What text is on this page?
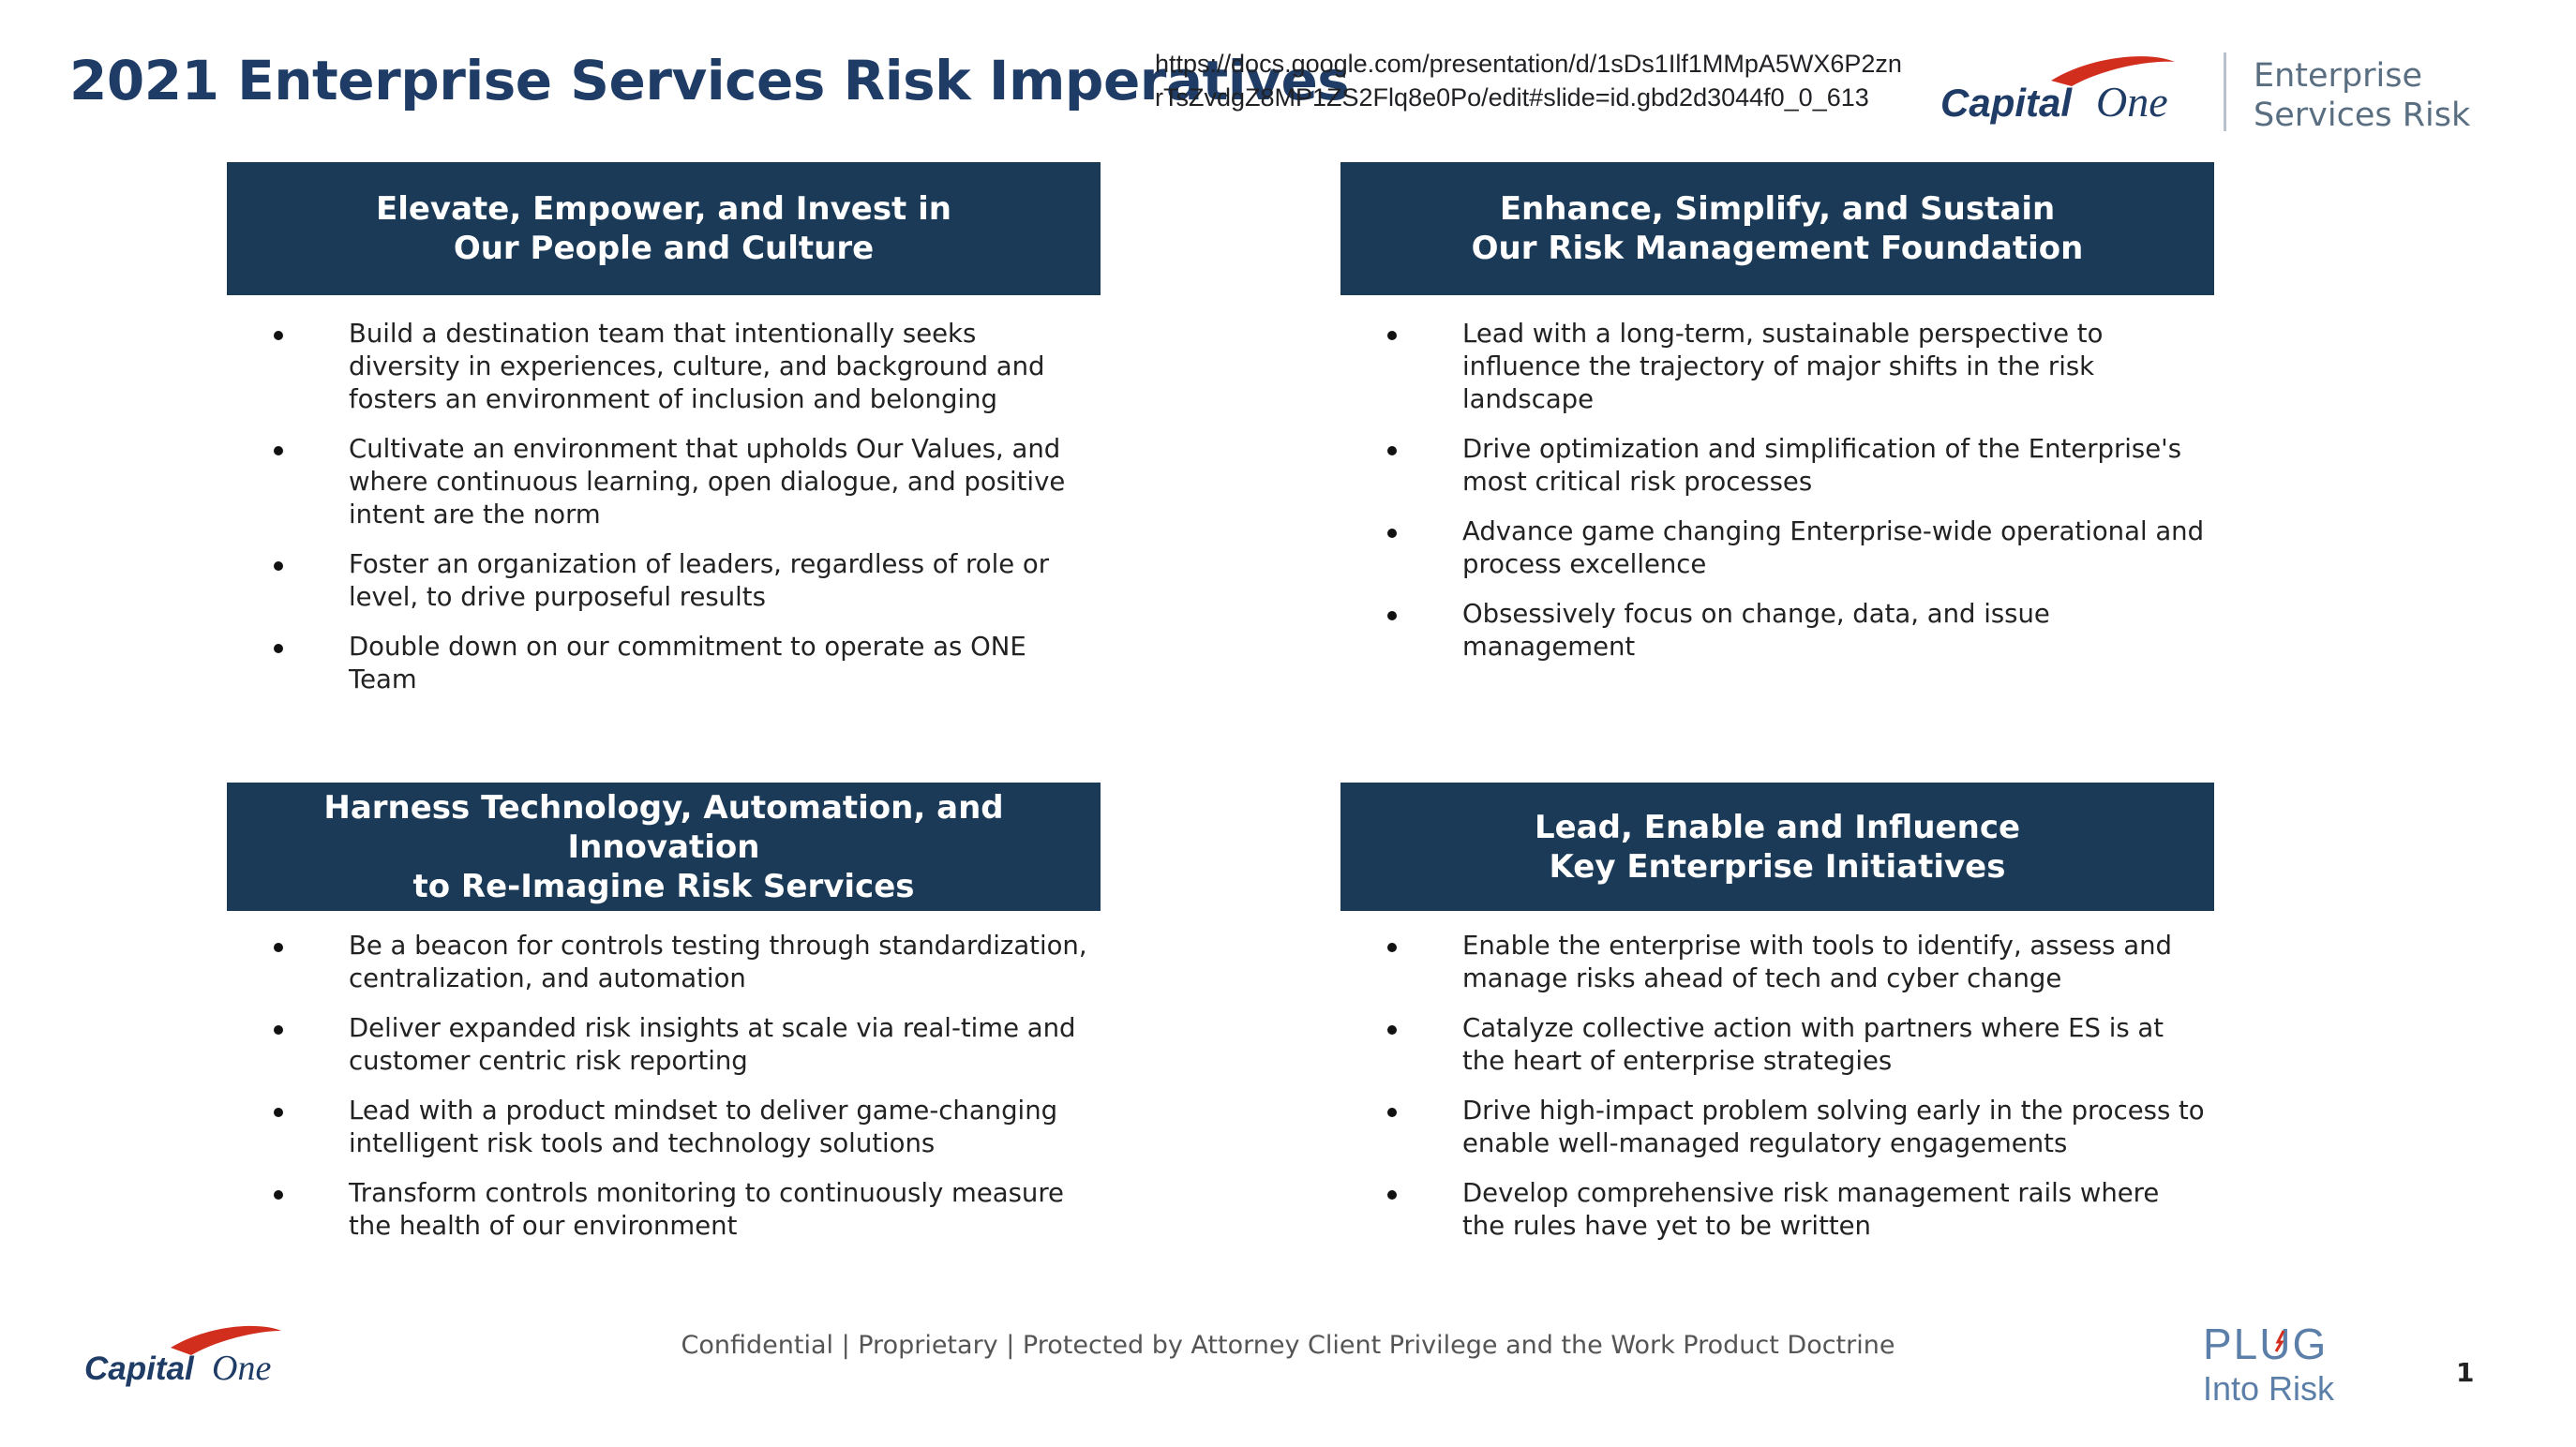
2021 Enterprise Services Risk Imperatives
https://docs.google.com/presentation/d/1sDs1Ilf1MMpA5WX6P2znrTsZvdgZ8MP1ZS2Flq8e0Po/edit#slide=id.gbd2d3044f0_0_613	Capital One
Enterprise
Services Risk
Elevate, Empower, and Invest in
Our People and Culture
Build a destination team that intentionally seeks diversity in experiences, culture, and background and fosters an environment of inclusion and belonging
Cultivate an environment that upholds Our Values, and where continuous learning, open dialogue, and positive intent are the norm
Foster an organization of leaders, regardless of role or level, to drive purposeful results
Double down on our commitment to operate as ONE Team
Enhance, Simplify, and Sustain
Our Risk Management Foundation
Lead with a long-term, sustainable perspective to influence the trajectory of major shifts in the risk landscape
Drive optimization and simplification of the Enterprise's most critical risk processes
Advance game changing Enterprise-wide operational and process excellence
Obsessively focus on change, data, and issue management
Harness Technology, Automation, and Innovation
to Re-Imagine Risk Services
Be a beacon for controls testing through standardization, centralization, and automation
Deliver expanded risk insights at scale via real-time and customer centric risk reporting
Lead with a product mindset to deliver game-changing intelligent risk tools and technology solutions
Transform controls monitoring to continuously measure the health of our environment
Lead, Enable and Influence
Key Enterprise Initiatives
Enable the enterprise with tools to identify, assess and manage risks ahead of tech and cyber change
Catalyze collective action with partners where ES is at the heart of enterprise strategies
Drive high-impact problem solving early in the process to enable well-managed regulatory engagements
Develop comprehensive risk management rails where the rules have yet to be written
Capital One
Confidential | Proprietary | Protected by Attorney Client Privilege and the Work Product Doctrine	PLUG
Into Risk	1
